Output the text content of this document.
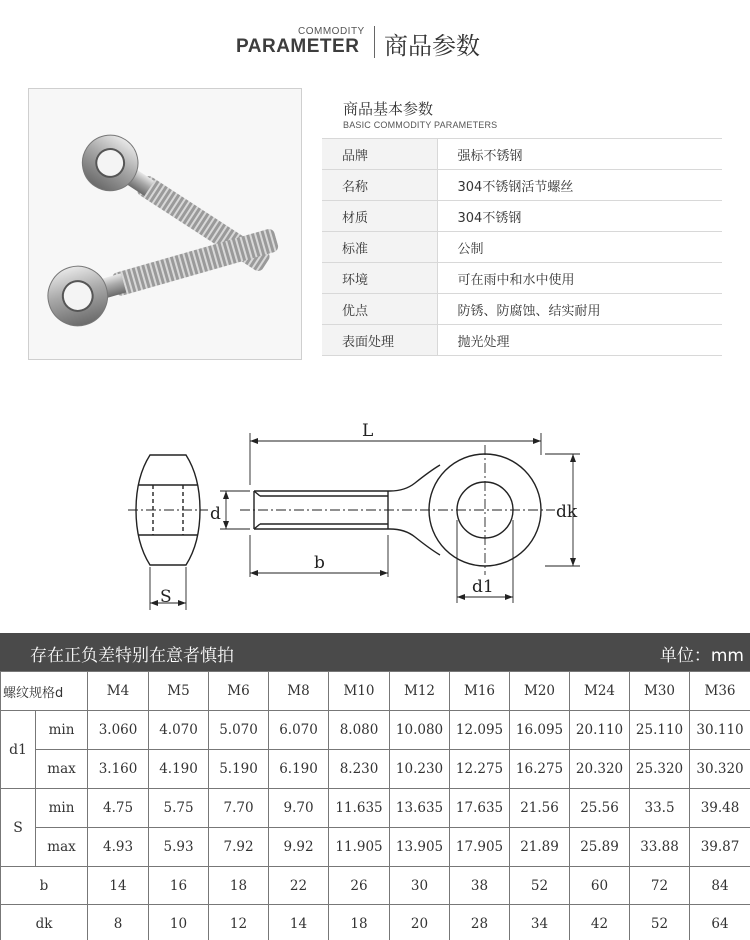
COMMODITY
PARAMETER 商品参数
商品基本参数
BASIC COMMODITY PARAMETERS
品牌	强标不锈钢
名称	304不锈钢活节螺丝
材质	304不锈钢
标准	公制
环境	可在雨中和水中使用
优点	防锈、防腐蚀、结实耐用
表面处理	抛光处理
L
dk
d
b
d1
S
存在正负差特别在意者慎拍	单位：mm
螺纹规格d		M4	M5	M6	M8	M10	M12	M16	M20	M24	M30	M36
d1	min	3.060	4.070	5.070	6.070	8.080	10.080	12.095	16.095	20.110	25.110	30.110
	max	3.160	4.190	5.190	6.190	8.230	10.230	12.275	16.275	20.320	25.320	30.320
S	min	4.75	5.75	7.70	9.70	11.635	13.635	17.635	21.56	25.56	33.5	39.48
	max	4.93	5.93	7.92	9.92	11.905	13.905	17.905	21.89	25.89	33.88	39.87
b		14	16	18	22	26	30	38	52	60	72	84
dk		8	10	12	14	18	20	28	34	42	52	64
